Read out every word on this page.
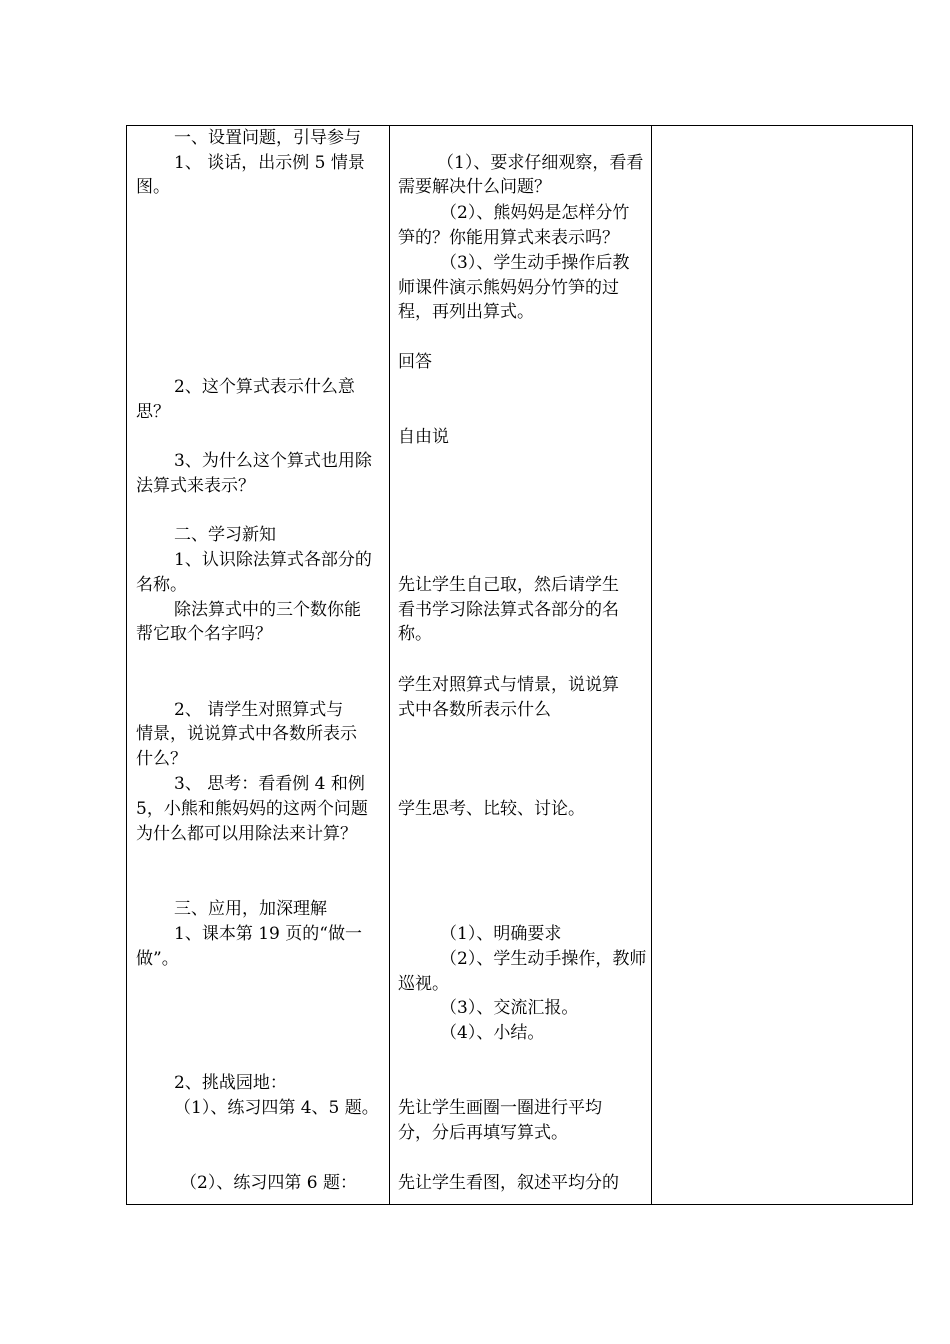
一、设置问题，引导参与
1、 谈话，出示例 5 情景
图。
2、这个算式表示什么意
思？
3、为什么这个算式也用除
法算式来表示？
二、学习新知
1、认识除法算式各部分的
名称。
除法算式中的三个数你能
帮它取个名字吗？
2、 请学生对照算式与
情景，说说算式中各数所表示
什么？
3、 思考：看看例 4 和例
5，小熊和熊妈妈的这两个问题
为什么都可以用除法来计算？
三、应用，加深理解
1、课本第 19 页的“做一
做”。
2、挑战园地：
（1）、练习四第 4、5 题。
（2）、练习四第 6 题：
（1）、要求仔细观察，看看
需要解决什么问题？
（2）、熊妈妈是怎样分竹
笋的？你能用算式来表示吗？
（3）、学生动手操作后教
师课件演示熊妈妈分竹笋的过
程，再列出算式。
回答
自由说
先让学生自己取，然后请学生
看书学习除法算式各部分的名
称。
学生对照算式与情景，说说算
式中各数所表示什么
学生思考、比较、讨论。
（1）、明确要求
（2）、学生动手操作，教师
巡视。
（3）、交流汇报。
（4）、小结。
先让学生画圈一圈进行平均
分，分后再填写算式。
先让学生看图，叙述平均分的
